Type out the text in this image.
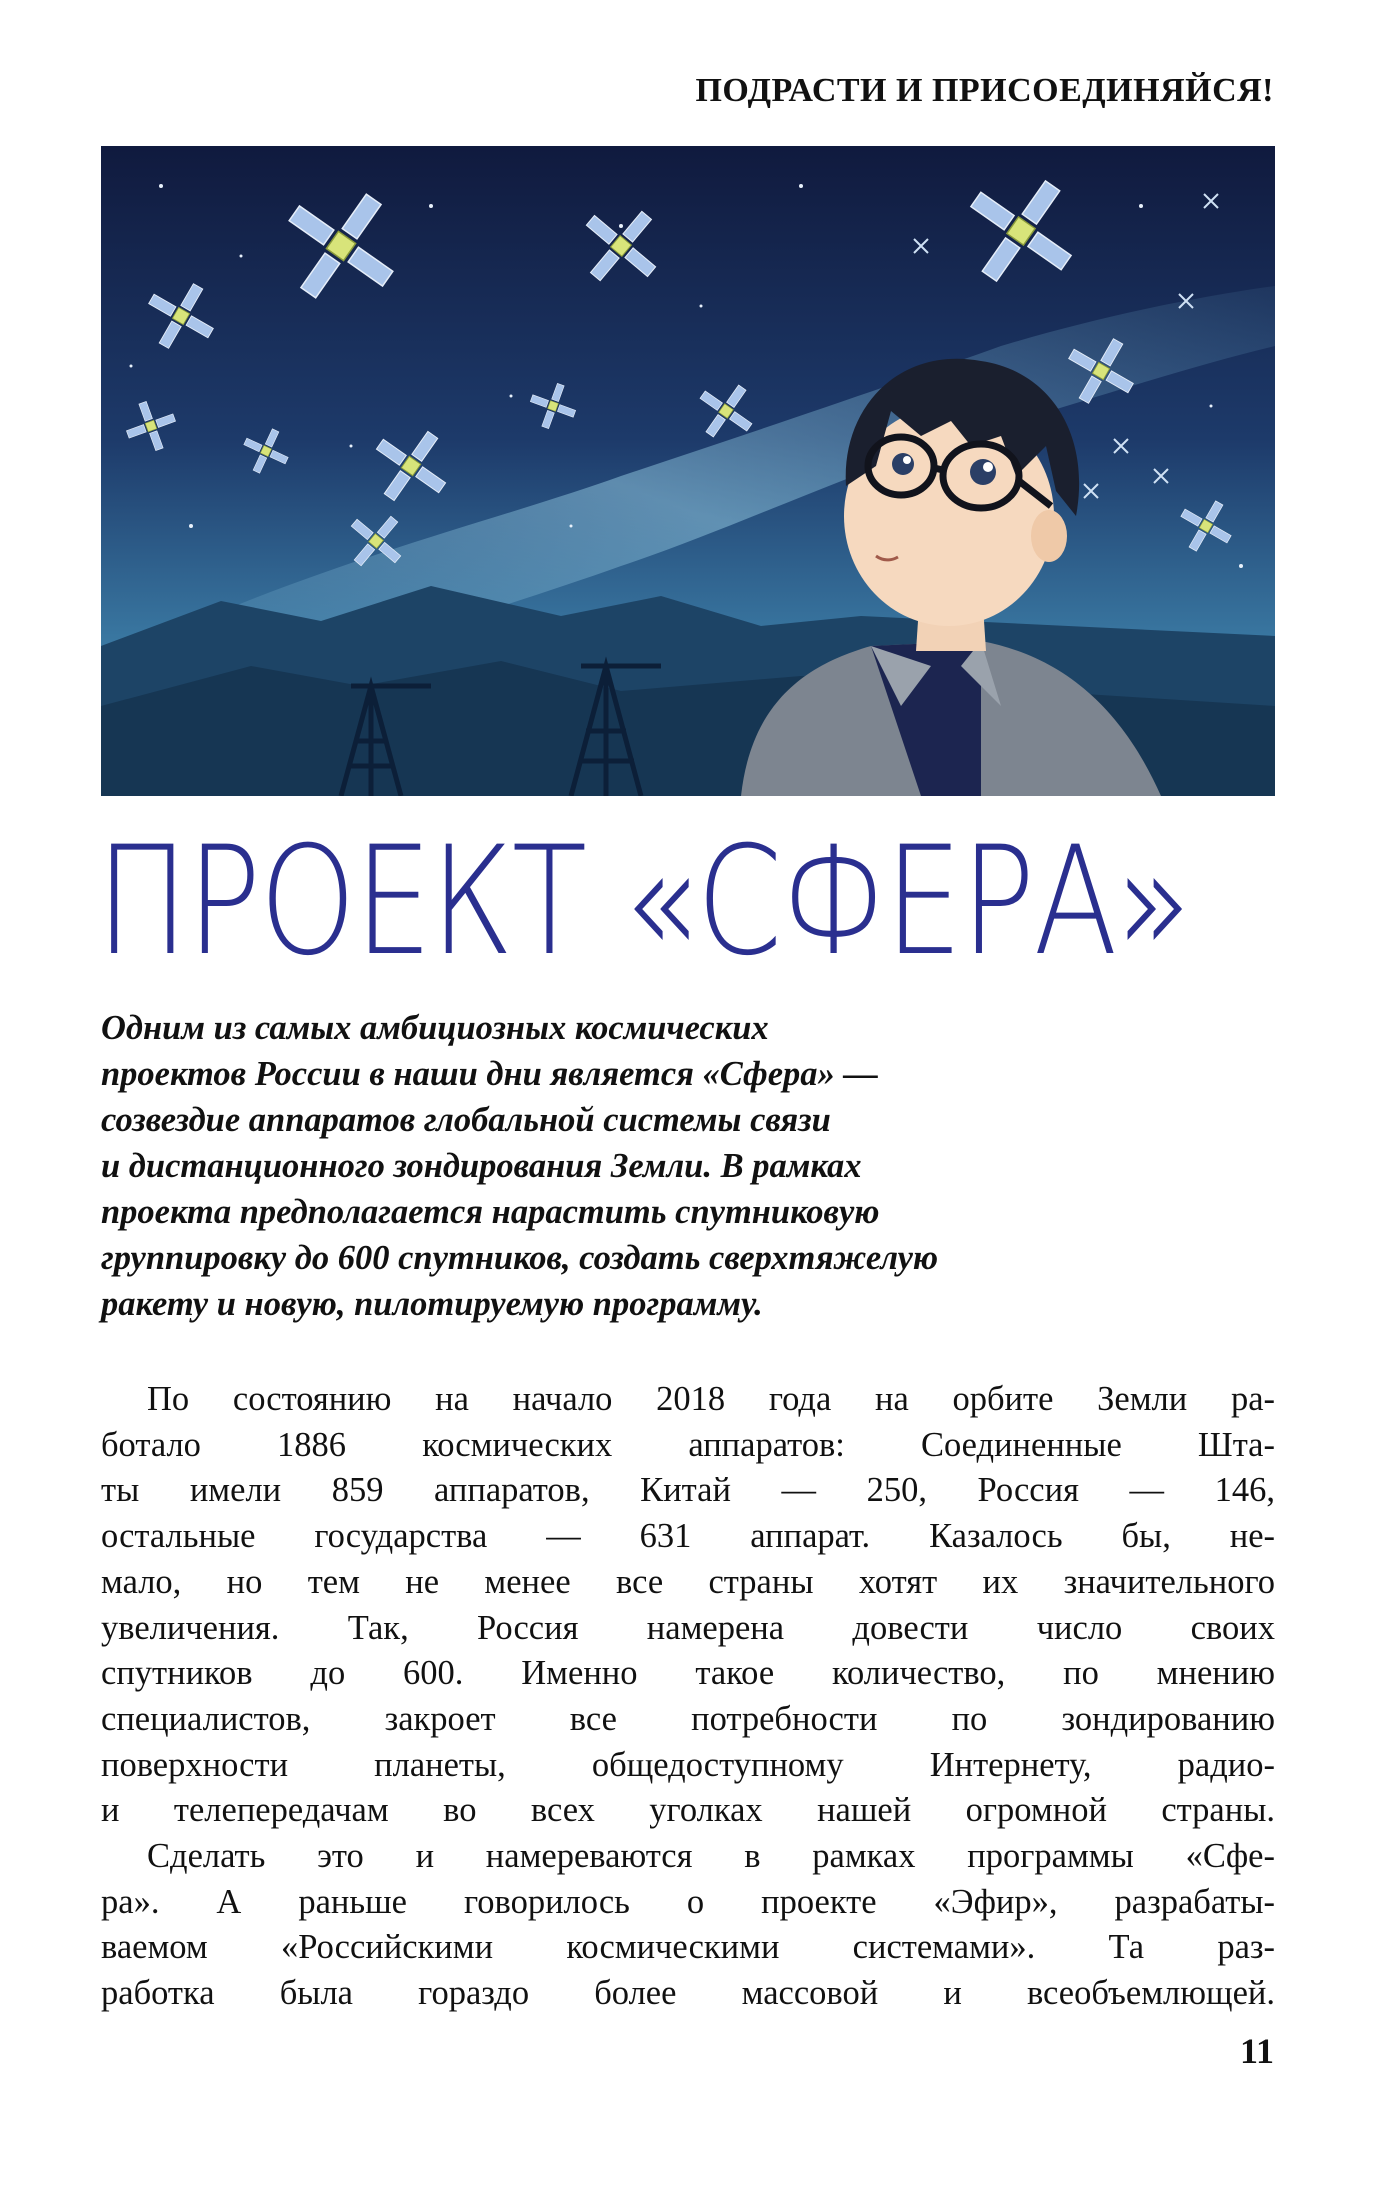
ПОДРАСТИ И ПРИСОЕДИНЯЙСЯ!
ПРОЕКТ «СФЕРА»

Одним из самых амбициозных космических

проектов России в наши дни является «Сфера» —

созвездие аппаратов глобальной системы связи

и дистанционного зондирования Земли. В рамках

проекта предполагается нарастить спутниковую

группировку до 600 спутников, создать сверхтяжелую

ракету и новую, пилотируемую программу.

По состоянию на начало 2018 года на орбите Земли ра-
ботало 1886 космических аппаратов: Соединенные Шта-
ты имели 859 аппаратов, Китай — 250, Россия — 146,
остальные государства — 631 аппарат. Казалось бы, не-
мало, но тем не менее все страны хотят их значительного
увеличения. Так, Россия намерена довести число своих
спутников до 600. Именно такое количество, по мнению
специалистов, закроет все потребности по зондированию
поверхности планеты, общедоступному Интернету, радио-
и телепередачам во всех уголках нашей огромной страны.

Сделать это и намереваются в рамках программы «Сфе-
ра». А раньше говорилось о проекте «Эфир», разрабаты-
ваемом «Российскими космическими системами». Та раз-
работка была гораздо более массовой и всеобъемлющей.

11
